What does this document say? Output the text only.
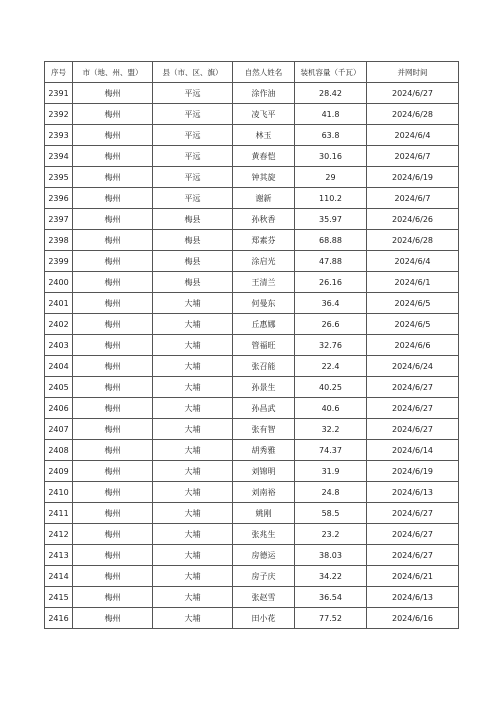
序号	市（地、州、盟）	县（市、区、旗）	自然人姓名	装机容量（千瓦）	并网时间
2391	梅州	平远	涂作油	28.42	2024/6/27
2392	梅州	平远	凌飞平	41.8	2024/6/28
2393	梅州	平远	林玉	63.8	2024/6/4
2394	梅州	平远	黄春恺	30.16	2024/6/7
2395	梅州	平远	钟其旋	29	2024/6/19
2396	梅州	平远	谢新	110.2	2024/6/7
2397	梅州	梅县	孙秋香	35.97	2024/6/26
2398	梅州	梅县	郑素芬	68.88	2024/6/28
2399	梅州	梅县	涂启光	47.88	2024/6/4
2400	梅州	梅县	王清兰	26.16	2024/6/1
2401	梅州	大埔	何曼东	36.4	2024/6/5
2402	梅州	大埔	丘惠娜	26.6	2024/6/5
2403	梅州	大埔	管福旺	32.76	2024/6/6
2404	梅州	大埔	张召能	22.4	2024/6/24
2405	梅州	大埔	孙景生	40.25	2024/6/27
2406	梅州	大埔	孙昌武	40.6	2024/6/27
2407	梅州	大埔	张有智	32.2	2024/6/27
2408	梅州	大埔	胡秀雅	74.37	2024/6/14
2409	梅州	大埔	刘锦明	31.9	2024/6/19
2410	梅州	大埔	刘南裕	24.8	2024/6/13
2411	梅州	大埔	姚刚	58.5	2024/6/27
2412	梅州	大埔	张兆生	23.2	2024/6/27
2413	梅州	大埔	房德运	38.03	2024/6/27
2414	梅州	大埔	房子庆	34.22	2024/6/21
2415	梅州	大埔	张赵雪	36.54	2024/6/13
2416	梅州	大埔	田小花	77.52	2024/6/16
